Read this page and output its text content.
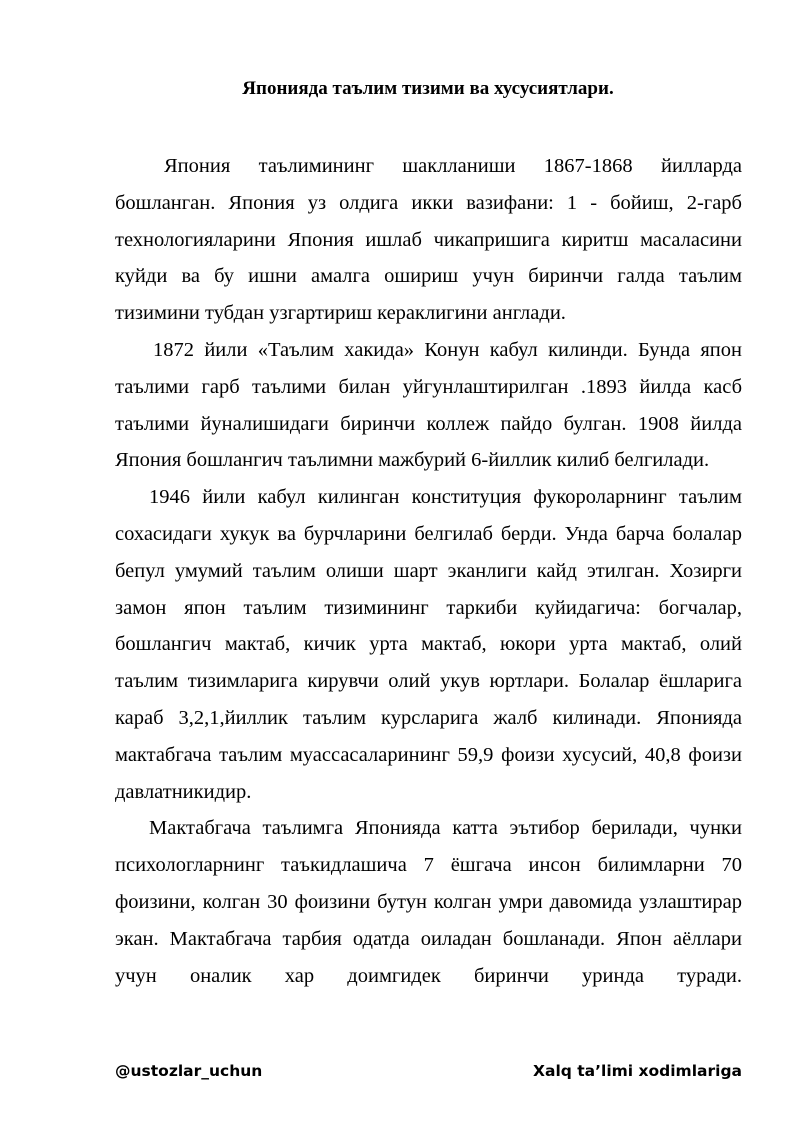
Японияда таълим тизими ва хусусиятлари.

Япония таълимининг шаклланиши 1867-1868 йилларда бошланган. Япония уз олдига икки вазифани: 1 - бойиш, 2-гарб технологияларини Япония ишлаб чикапришига киритш масаласини куйди ва бу ишни амалга ошириш учун биринчи галда таълим тизимини тубдан узгартириш кераклигини англади.

1872 йили «Таълим хакида» Конун кабул килинди. Бунда япон таълими гарб таълими билан уйгунлаштирилган .1893 йилда касб таълими йуналишидаги биринчи коллеж пайдо булган. 1908 йилда Япония бошлангич таълимни мажбурий 6-йиллик килиб белгилади.

1946 йили кабул килинган конституция фукороларнинг таълим сохасидаги хукук ва бурчларини белгилаб берди. Унда барча болалар бепул умумий таълим олиши шарт эканлиги кайд этилган. Хозирги замон япон таълим тизимининг таркиби куйидагича: богчалар, бошлангич мактаб, кичик урта мактаб, юкори урта мактаб, олий таълим тизимларига кирувчи олий укув юртлари. Болалар ёшларига караб 3,2,1,йиллик таълим курсларига жалб килинади. Японияда мактабгача таълим муассасаларининг 59,9 фоизи хусусий, 40,8 фоизи давлатникидир.

Мактабгача таълимга Японияда катта эътибор берилади, чунки психологларнинг таъкидлашича 7 ёшгача инсон билимларни 70 фоизини, колган 30 фоизини бутун колган умри давомида узлаштирар экан. Мактабгача тарбия одатда оиладан бошланади. Япон аёллари учун оналик хар доимгидек биринчи уринда туради.

@ustozlar_uchun	Xalq ta’limi xodimlariga
